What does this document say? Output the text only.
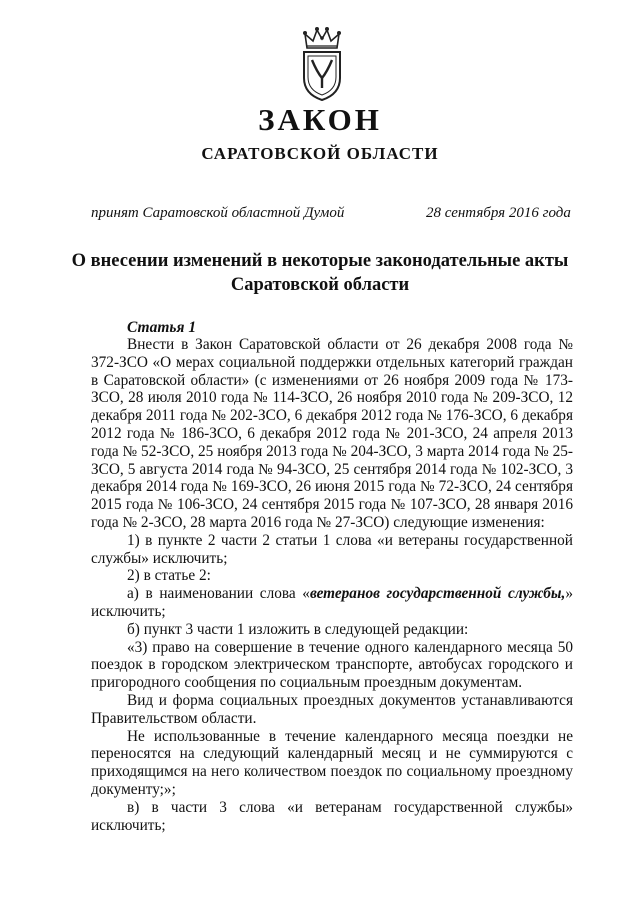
ЗАКОН
САРАТОВСКОЙ ОБЛАСТИ
принят Саратовской областной Думой	28 сентября 2016 года
О внесении изменений в некоторые законодательные акты Саратовской области
Статья 1

Внести в Закон Саратовской области от 26 декабря 2008 года № 372-ЗСО «О мерах социальной поддержки отдельных категорий граждан в Саратовской области» (с изменениями от 26 ноября 2009 года № 173-ЗСО, 28 июля 2010 года № 114-ЗСО, 26 ноября 2010 года № 209-ЗСО, 12 декабря 2011 года № 202-ЗСО, 6 декабря 2012 года № 176-ЗСО, 6 декабря 2012 года № 186-ЗСО, 6 декабря 2012 года № 201-ЗСО, 24 апреля 2013 года № 52-ЗСО, 25 ноября 2013 года № 204-ЗСО, 3 марта 2014 года № 25-ЗСО, 5 августа 2014 года № 94-ЗСО, 25 сентября 2014 года № 102-ЗСО, 3 декабря 2014 года № 169-ЗСО, 26 июня 2015 года № 72-ЗСО, 24 сентября 2015 года № 106-ЗСО, 24 сентября 2015 года № 107-ЗСО, 28 января 2016 года № 2-ЗСО, 28 марта 2016 года № 27-ЗСО) следующие изменения:

1) в пункте 2 части 2 статьи 1 слова «и ветераны государственной службы» исключить;

2) в статье 2:

а) в наименовании слова «ветеранов государственной службы,» исключить;

б) пункт 3 части 1 изложить в следующей редакции:

«3) право на совершение в течение одного календарного месяца 50 поездок в городском электрическом транспорте, автобусах городского и пригородного сообщения по социальным проездным документам.

Вид и форма социальных проездных документов устанавливаются Правительством области.

Не использованные в течение календарного месяца поездки не переносятся на следующий календарный месяц и не суммируются с приходящимся на него количеством поездок по социальному проездному документу;»;

в) в части 3 слова «и ветеранам государственной службы» исключить;
